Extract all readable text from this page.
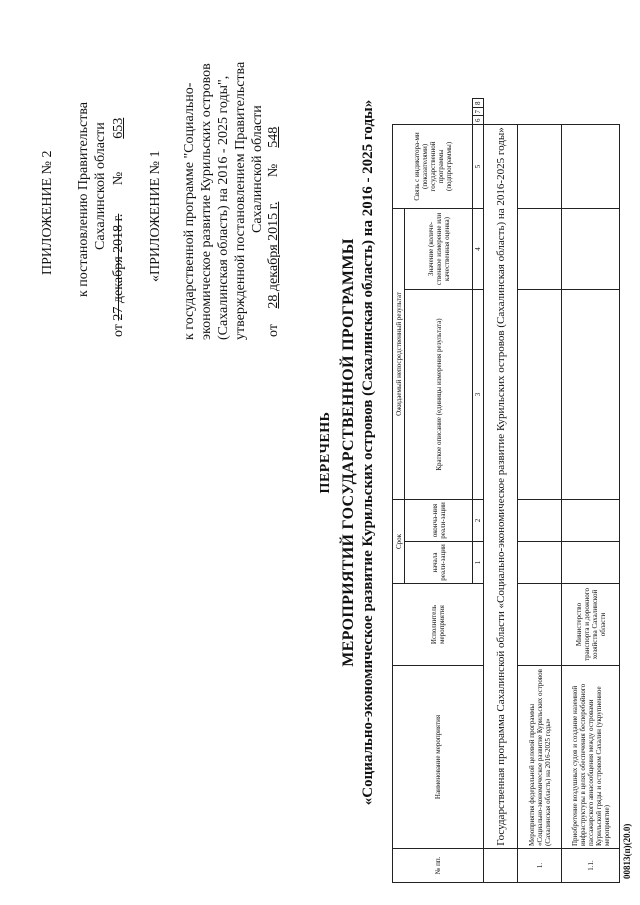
ПРИЛОЖЕНИЕ № 2 к постановлению Правительства Сахалинской области
от 27 декабря 2018 г. № 653
«ПРИЛОЖЕНИЕ № 1 к государственной программе "Социально- экономическое развитие Курильских островов (Сахалинская область) на 2016 - 2025 годы", утвержденной постановлением Правительства Сахалинской области
от 28 декабря 2015 г. № 548
ПЕРЕЧЕНЬ МЕРОПРИЯТИЙ ГОСУДАРСТВЕННОЙ ПРОГРАММЫ «Социально-экономическое развитие Курильских островов (Сахалинская область) на 2016 - 2025 годы»
№ пп.	Наименование мероприятия	Исполнитель мероприятия	Срок		Ожидаемый непосредственный результат		Связь с индикатора-ми (показателями) государственной программы (подпрограммы)			
			начала реали-зации	оконча-ния реали-зации	Краткое описание (единицы измерения результата)	Значение (количе-ственное измерение или качественная оценка)				
			1	2	3	4	5	6	7	8
	Государственная программа Сахалинской области «Социально-экономическое развитие Курильских островов (Сахалинская область) на 2016-2025 годы»									
1.	Мероприятия федеральной целевой программы «Социально-экономическое развитие Курильских островов (Сахалинская область) на 2016-2025 годы»									
1.1.	Приобретение воздушных судов и создание наземной инфраструктуры в целях обеспечения бесперебойного пассажирского авиасообщения между островами Курильской гряды и островом Сахалин (укрупненное мероприятие)	Министерство транспорта и дорожного хозяйства Сахалинской области								
00813(п)(20.0)
